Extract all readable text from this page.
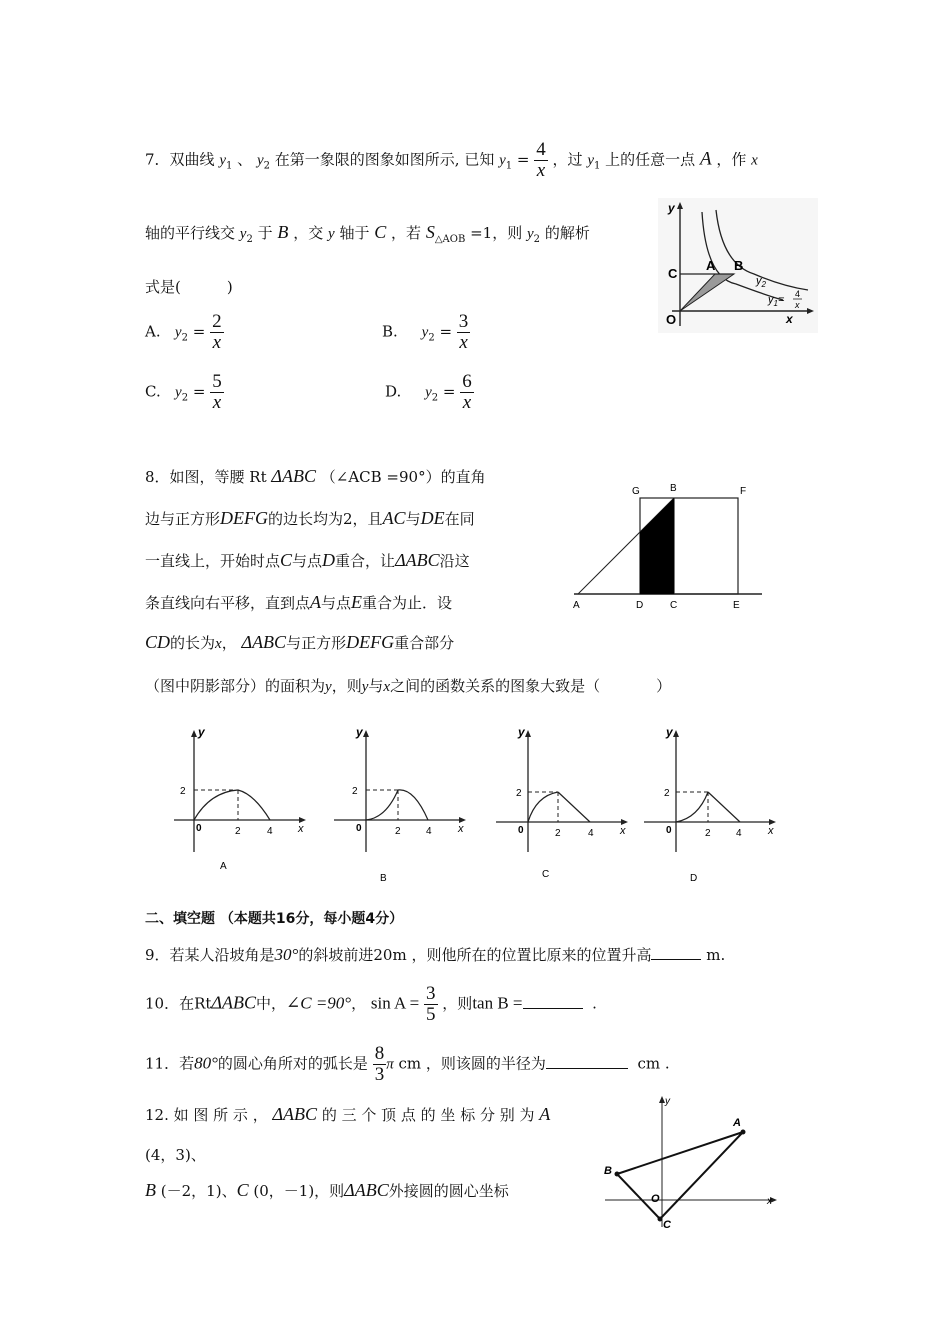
7．双曲线 $y_1$ 、 $y_2$ 在第一象限的图象如图所示, 已知 $y_1 = \frac{4}{x}$ ，过 $y_1$ 上的任意一点 A ，作 x
轴的平行线交 $y_2$ 于 B ，交 y 轴于 C ，若 $S_{\triangle AOB} =1$，则 $y_2$ 的解析
式是(	)
A. $y_2 = \frac{2}{x}$	B. $y_2 = \frac{3}{x}$
C. $y_2 = \frac{5}{x}$	D. $y_2 = \frac{6}{x}$
y
C
A B
O	x
$y_2$
$y_1= 4$
x
8．如图，等腰 Rt ΔABC （∠ACB =90°）的直角
边与正方形DEFG的边长均为2，且AC与DE在同
一直线上，开始时点C与点D重合，让ΔABC沿这
条直线向右平移，直到点A与点E重合为止．设
CD的长为x， ΔABC与正方形DEFG重合部分
（图中阴影部分）的面积为y，则y与x之间的函数关系的图象大致是（	）
G	B	F
A	D	C	E
y
2
0	2	4 x
A
y
2
0	2	4 x
B
y
2
0	2	4 x
C
y
2
0	2	4 x
D
二、填空题 （本题共16分，每小题4分）
9．若某人沿坡角是30°的斜坡前进20m ，则他所在的位置比原来的位置升高	m.
10．在RtΔABC中，∠C =90°， $\sin A = \frac{3}{5}$ ，则tan B =	.
11．若80°的圆心角所对的弧长是 $\frac{8}{3}$ π cm ，则该圆的半径为	cm .
12. 如 图 所 示 ， ΔABC 的 三 个 顶 点 的 坐 标 分 别 为 A
(4，3)、
B (－2，1)、C (0，－1)，则ΔABC外接圆的圆心坐标
y
A
B
O
C
x
